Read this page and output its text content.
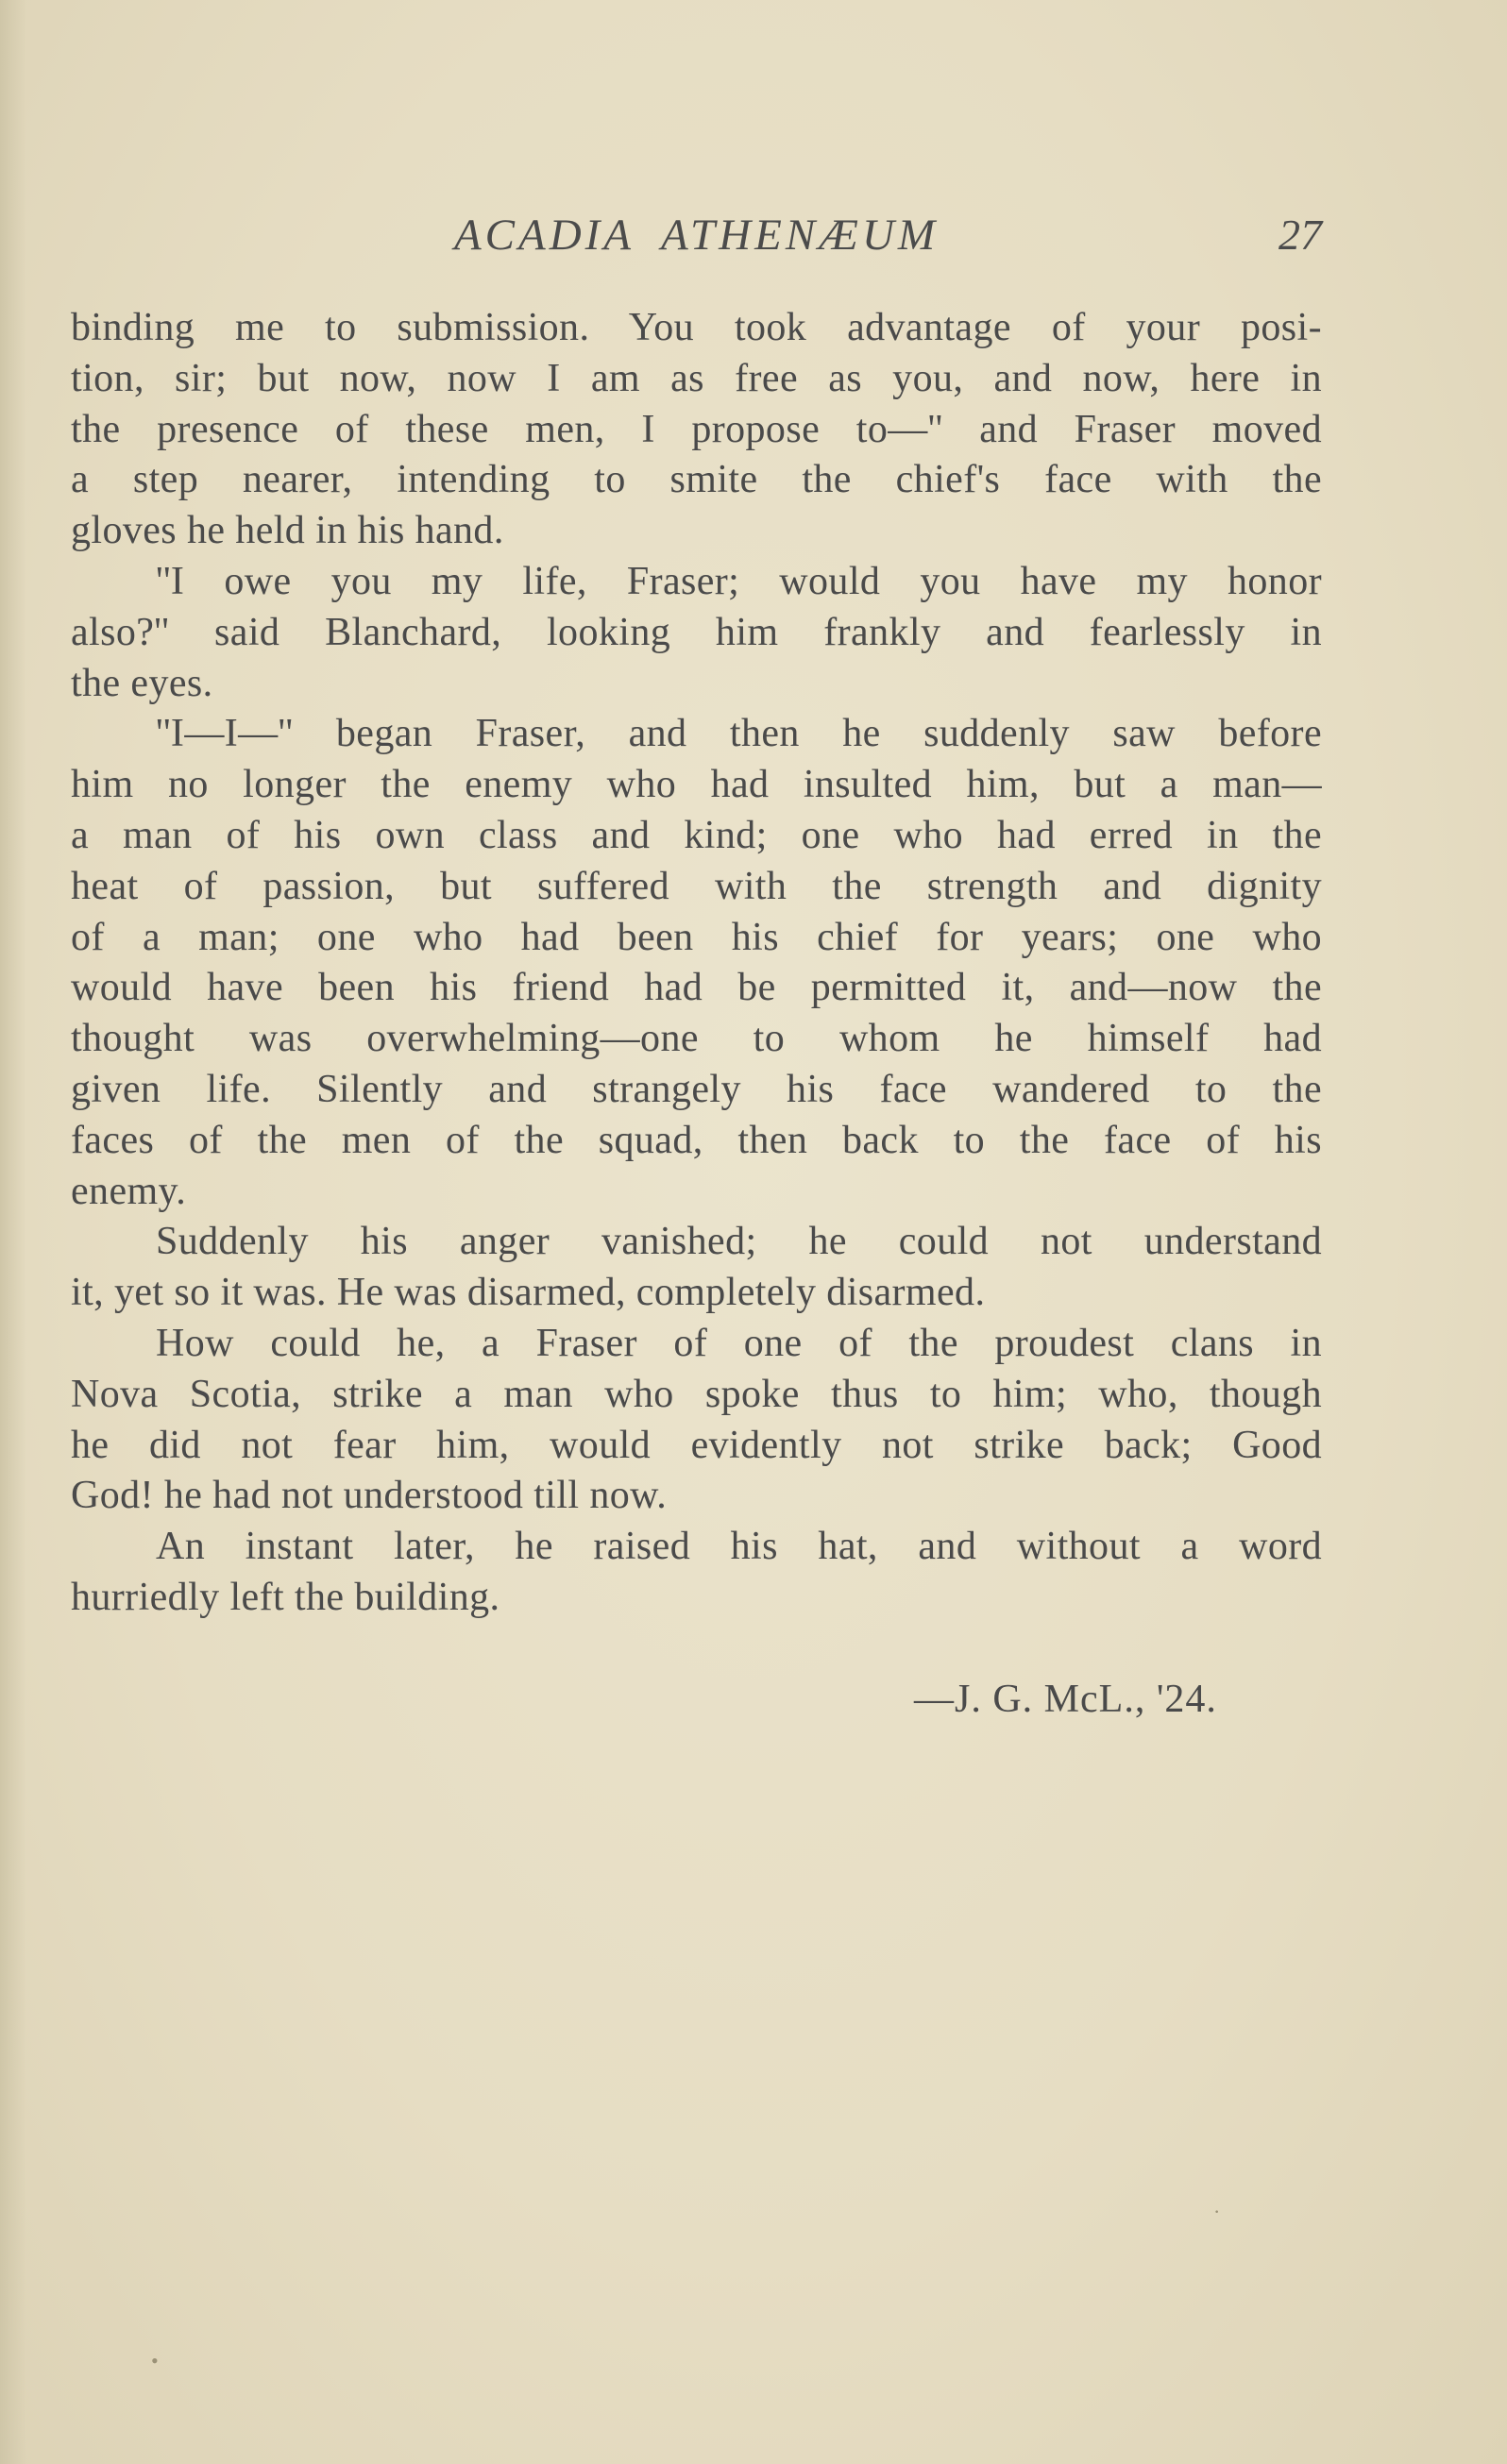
ACADIA ATHENÆUM	27
binding me to submission. You took advantage of your posi-
tion, sir; but now, now I am as free as you, and now, here in
the presence of these men, I propose to—'' and Fraser moved
a step nearer, intending to smite the chief's face with the
gloves he held in his hand.
''I owe you my life, Fraser; would you have my honor
also?'' said Blanchard, looking him frankly and fearlessly in
the eyes.
''I—I—'' began Fraser, and then he suddenly saw before
him no longer the enemy who had insulted him, but a man—
a man of his own class and kind; one who had erred in the
heat of passion, but suffered with the strength and dignity
of a man; one who had been his chief for years; one who
would have been his friend had be permitted it, and—now the
thought was overwhelming—one to whom he himself had
given life. Silently and strangely his face wandered to the
faces of the men of the squad, then back to the face of his
enemy.
Suddenly his anger vanished; he could not understand
it, yet so it was. He was disarmed, completely disarmed.
How could he, a Fraser of one of the proudest clans in
Nova Scotia, strike a man who spoke thus to him; who, though
he did not fear him, would evidently not strike back; Good
God! he had not understood till now.
An instant later, he raised his hat, and without a word
hurriedly left the building.
—J. G. McL., '24.
•
·
